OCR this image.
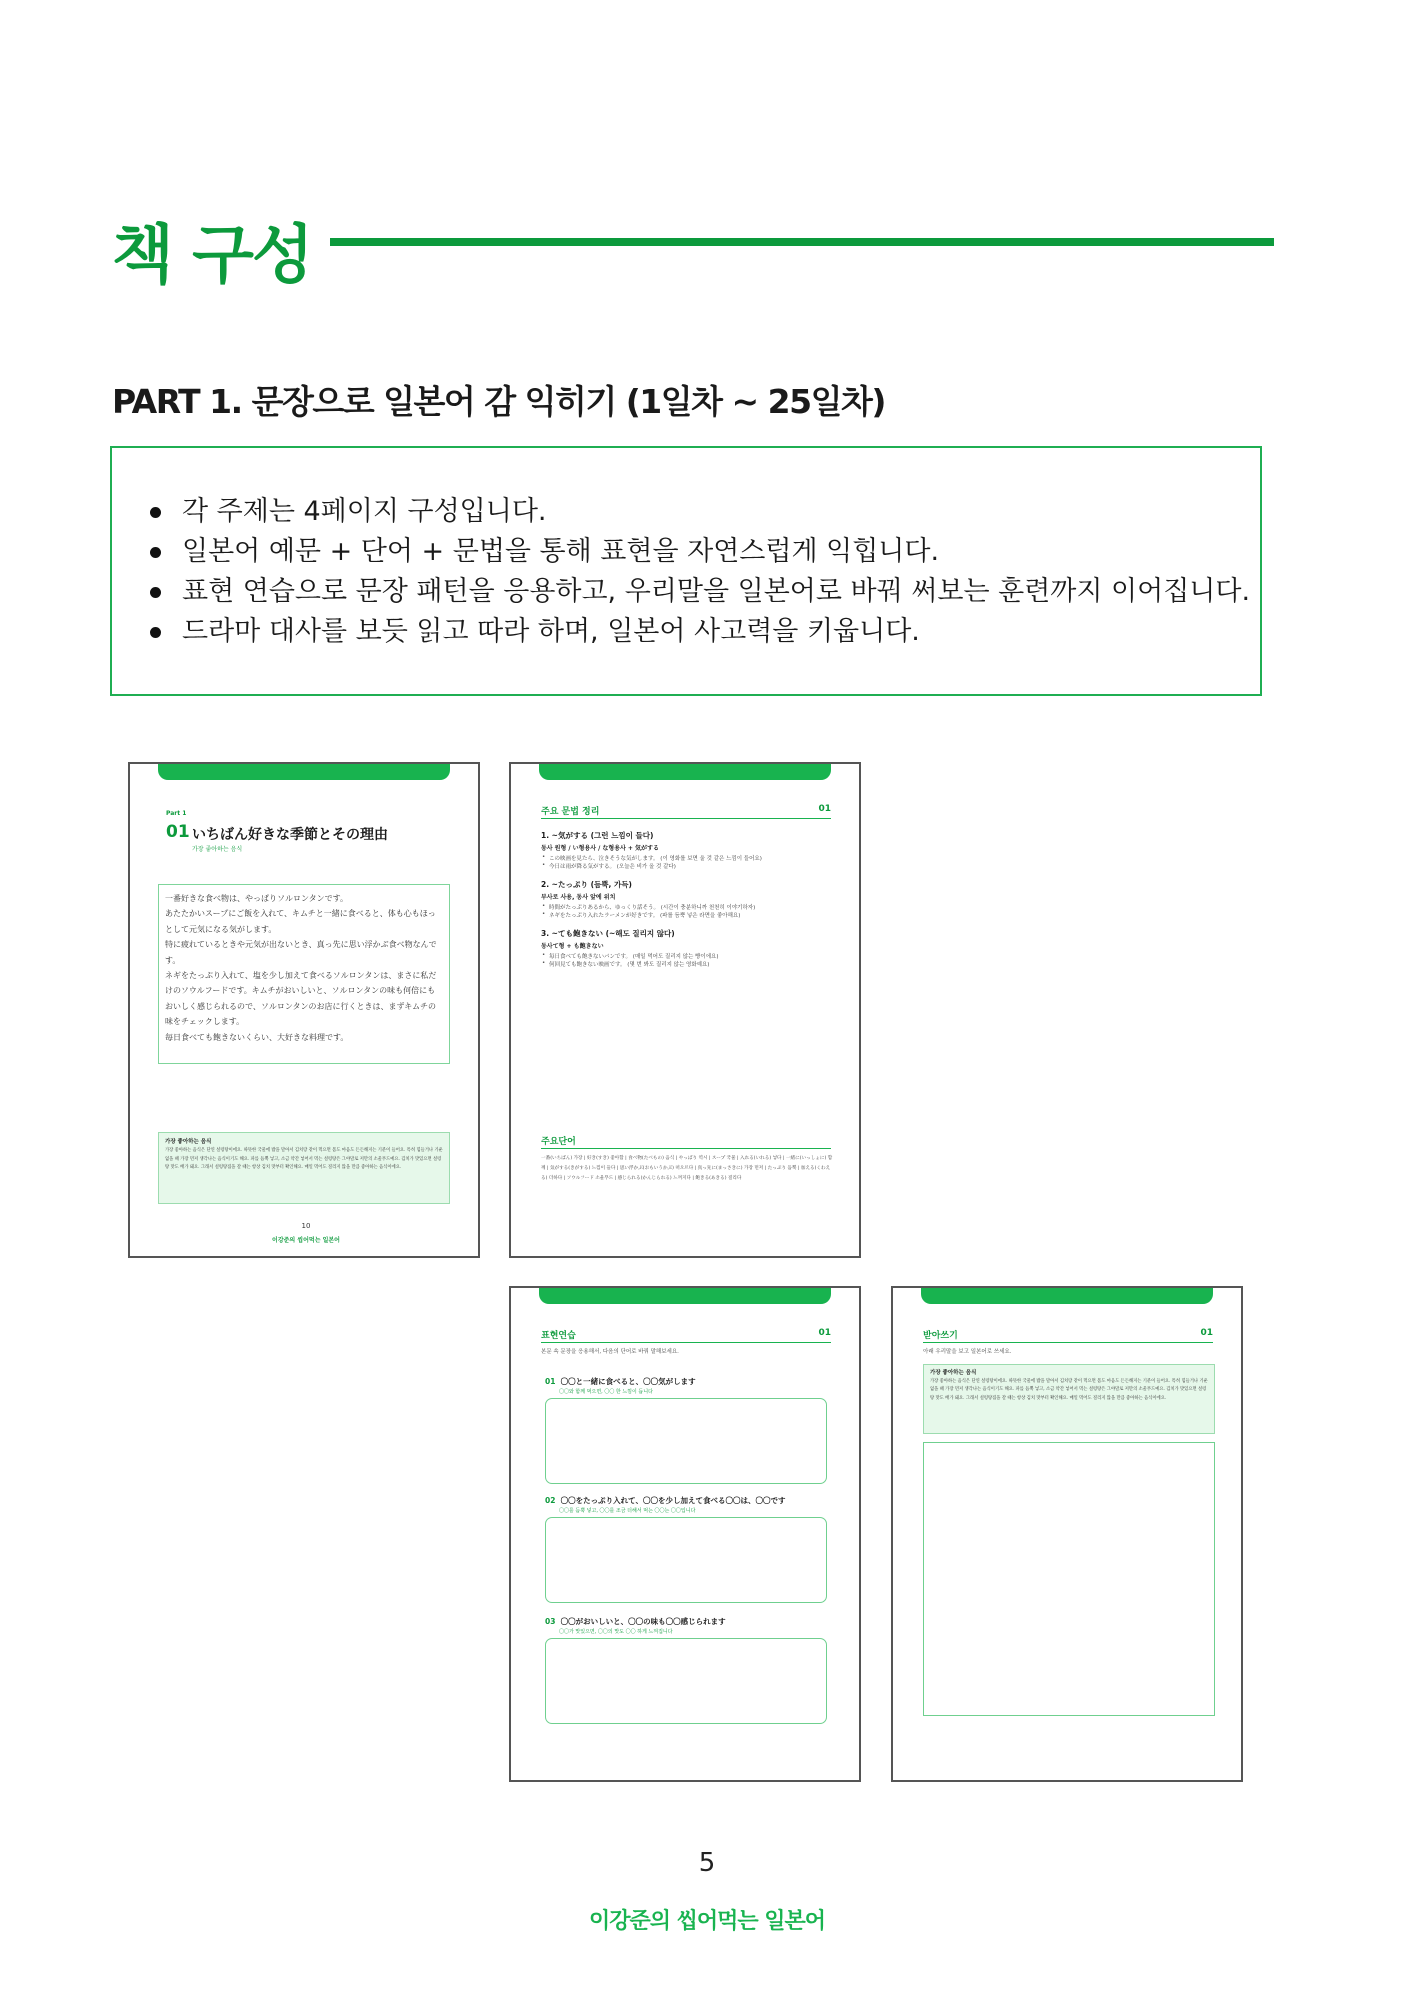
책 구성
PART 1. 문장으로 일본어 감 익히기 (1일차 ~ 25일차)
각 주제는 4페이지 구성입니다.
일본어 예문 + 단어 + 문법을 통해 표현을 자연스럽게 익힙니다.
표현 연습으로 문장 패턴을 응용하고, 우리말을 일본어로 바꿔 써보는 훈련까지 이어집니다.
드라마 대사를 보듯 읽고 따라 하며, 일본어 사고력을 키웁니다.
Part 1
01 いちばん好きな季節とその理由
가장 좋아하는 음식

一番好きな食べ物は、やっぱりソルロンタンです。

あたたかいスープにご飯を入れて、キムチと一緒に食べると、体も心もほっとして元気になる気がします。

特に疲れているときや元気が出ないとき、真っ先に思い浮かぶ食べ物なんです。

ネギをたっぷり入れて、塩を少し加えて食べるソルロンタンは、まさに私だけのソウルフードです。キムチがおいしいと、ソルロンタンの味も何倍にもおいしく感じられるので、ソルロンタンのお店に行くときは、まずキムチの味をチェックします。

毎日食べても飽きないくらい、大好きな料理です。

가장 좋아하는 음식
가장 좋아하는 음식은 단연 설렁탕이에요. 따뜻한 국물에 밥을 말아서 김치랑 같이 먹으면 몸도 마음도 든든해지는 기분이 들어요. 특히 힘들거나 기운 없을 때 가장 먼저 생각나는 음식이기도 해요. 파를 듬뿍 넣고, 소금 약간 넣어서 먹는 설렁탕은 그야말로 저만의 소울푸드예요. 김치가 맛있으면 설렁탕 맛도 배가 돼요. 그래서 설렁탕집을 갈 때는 항상 김치 맛부터 확인해요. 매일 먹어도 질리지 않을 만큼 좋아하는 음식이에요.
10
이강준의 씹어먹는 일본어
주요 문법 정리	01
1. ~気がする (그런 느낌이 들다)
동사 원형 / い형용사 / な형용사 + 気がする
• この映画を見たら、泣きそうな気がします。 (이 영화를 보면 울 것 같은 느낌이 들어요)
• 今日は雨が降る気がする。 (오늘은 비가 올 것 같다)
2. ~たっぷり (듬뿍, 가득)
부사로 사용, 동사 앞에 위치
• 時間がたっぷりあるから、ゆっくり話そう。 (시간이 충분하니까 천천히 이야기하자)
• ネギをたっぷり入れたラーメンが好きです。 (파를 듬뿍 넣은 라면을 좋아해요)
3. ~ても飽きない (~해도 질리지 않다)
동사て형 + も飽きない
• 毎日食べても飽きないパンです。 (매일 먹어도 질리지 않는 빵이에요)
• 何回見ても飽きない映画です。 (몇 번 봐도 질리지 않는 영화예요)
주요단어
一番(いちばん) 가장 | 好き(すき) 좋아함 | 食べ物(たべもの) 음식 | やっぱり 역시 | スープ 국물 | 入れる(いれる) 넣다 | 一緒に(いっしょに) 함께 | 気がする(きがする) 느낌이 들다 | 思い浮かぶ(おもいうかぶ) 떠오르다 | 真っ先に(まっさきに) 가장 먼저 | たっぷり 듬뿍 | 加える(くわえる) 더하다 | ソウルフード 소울푸드 | 感じられる(かんじられる) 느껴지다 | 飽きる(あきる) 질리다
표현연습	01
본문 속 문장을 응용해서, 다음의 단어로 바꿔 말해보세요.
01 〇〇と一緒に食べると、〇〇気がします
〇〇와 함께 먹으면, 〇〇 한 느낌이 듭니다
02 〇〇をたっぷり入れて、〇〇を少し加えて食べる〇〇は、〇〇です
〇〇를 듬뿍 넣고, 〇〇를 조금 더해서 먹는 〇〇는 〇〇입니다
03 〇〇がおいしいと、〇〇の味も〇〇感じられます
〇〇가 맛있으면, 〇〇의 맛도 〇〇 하게 느껴집니다
받아쓰기	01
아래 우리말을 보고 일본어로 쓰세요.
가장 좋아하는 음식
가장 좋아하는 음식은 단연 설렁탕이에요. 따뜻한 국물에 밥을 말아서 김치랑 같이 먹으면 몸도 마음도 든든해지는 기분이 들어요. 특히 힘들거나 기운 없을 때 가장 먼저 생각나는 음식이기도 해요. 파를 듬뿍 넣고, 소금 약간 넣어서 먹는 설렁탕은 그야말로 저만의 소울푸드예요. 김치가 맛있으면 설렁탕 맛도 배가 돼요. 그래서 설렁탕집을 갈 때는 항상 김치 맛부터 확인해요. 매일 먹어도 질리지 않을 만큼 좋아하는 음식이에요.
5
이강준의 씹어먹는 일본어
